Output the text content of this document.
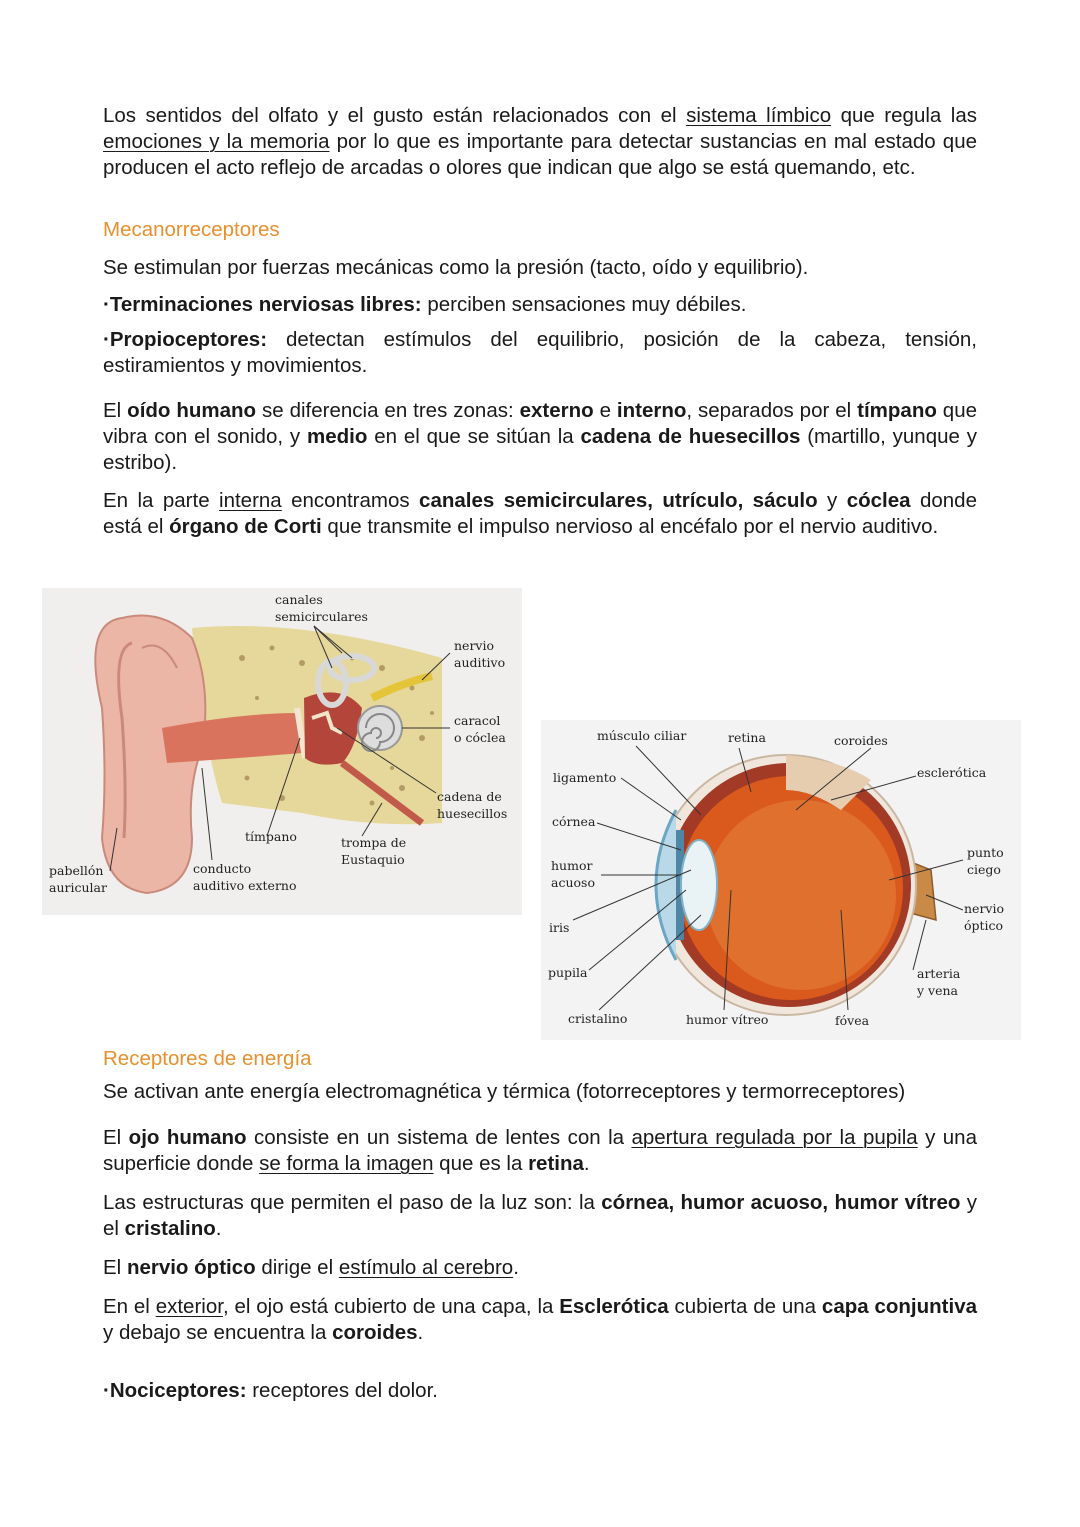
Los sentidos del olfato y el gusto están relacionados con el sistema límbico que regula las emociones y la memoria por lo que es importante para detectar sustancias en mal estado que producen el acto reflejo de arcadas o olores que indican que algo se está quemando, etc.

Mecanorreceptores

Se estimulan por fuerzas mecánicas como la presión (tacto, oído y equilibrio).

·Terminaciones nerviosas libres: perciben sensaciones muy débiles.

·Propioceptores: detectan estímulos del equilibrio, posición de la cabeza, tensión, estiramientos y movimientos.

El oído humano se diferencia en tres zonas: externo e interno, separados por el tímpano que vibra con el sonido, y medio en el que se sitúan la cadena de huesecillos (martillo, yunque y estribo).

En la parte interna encontramos canales semicirculares, utrículo, sáculo y cóclea donde está el órgano de Corti que transmite el impulso nervioso al encéfalo por el nervio auditivo.

canales
semicirculares
nervio
auditivo
caracol
o cóclea
cadena de
huesecillos
tímpano	trompa de
Eustaquio
pabellón
auricular
conducto
auditivo externo
músculo ciliar	retina	coroides
esclerótica
ligamento
córnea
humor
acuoso
iris
pupila
cristalino	humor vítreo	fóvea
punto
ciego
nervio
óptico
arteria
y vena

Receptores de energía

Se activan ante energía electromagnética y térmica (fotorreceptores y termorreceptores)

El ojo humano consiste en un sistema de lentes con la apertura regulada por la pupila y una superficie donde se forma la imagen que es la retina.

Las estructuras que permiten el paso de la luz son: la córnea, humor acuoso, humor vítreo y el cristalino.

El nervio óptico dirige el estímulo al cerebro.

En el exterior, el ojo está cubierto de una capa, la Esclerótica cubierta de una capa conjuntiva y debajo se encuentra la coroides.

·Nociceptores: receptores del dolor.
